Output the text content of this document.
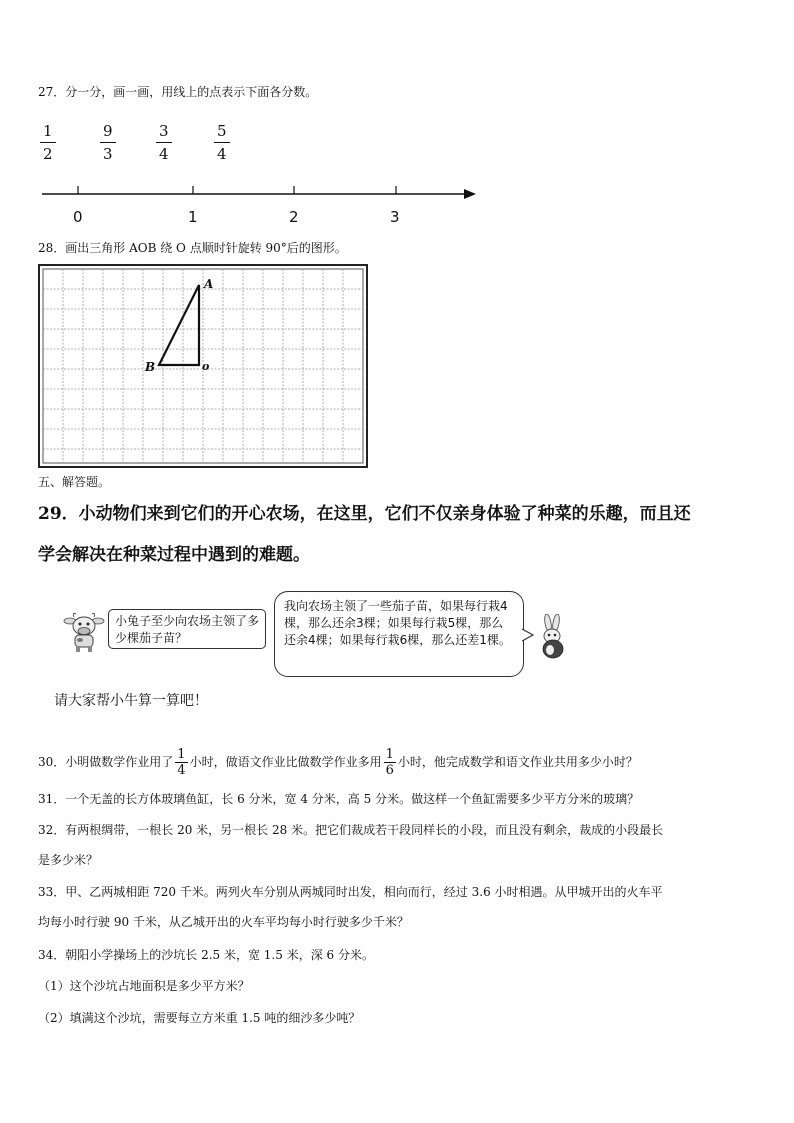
27．分一分，画一画，用线上的点表示下面各分数。
$\frac{1}{2}$	$\frac{9}{3}$	$\frac{3}{4}$	$\frac{5}{4}$
0	1	2	3
28．画出三角形 AOB 绕 O 点顺时针旋转 90°后的图形。
A
B	o
五、解答题。
29．小动物们来到它们的开心农场，在这里，它们不仅亲身体验了种菜的乐趣，而且还
学会解决在种菜过程中遇到的难题。
小兔子至少向农场主领了多少棵茄子苗？
我向农场主领了一些茄子苗，如果每行栽4棵，那么还余3棵；如果每行栽5棵，那么还余4棵；如果每行栽6棵，那么还差1棵。
请大家帮小牛算一算吧！
30．小明做数学作业用了 $\frac{1}{4}$ 小时，做语文作业比做数学作业多用 $\frac{1}{6}$ 小时，他完成数学和语文作业共用多少小时？
31．一个无盖的长方体玻璃鱼缸，长 6 分米，宽 4 分米，高 5 分米。做这样一个鱼缸需要多少平方分米的玻璃？
32．有两根绸带，一根长 20 米，另一根长 28 米。把它们裁成若干段同样长的小段，而且没有剩余，裁成的小段最长
是多少米？
33．甲、乙两城相距 720 千米。两列火车分别从两城同时出发，相向而行，经过 3.6 小时相遇。从甲城开出的火车平
均每小时行驶 90 千米，从乙城开出的火车平均每小时行驶多少千米？
34．朝阳小学操场上的沙坑长 2.5 米，宽 1.5 米，深 6 分米。
（1）这个沙坑占地面积是多少平方米？
（2）填满这个沙坑，需要每立方米重 1.5 吨的细沙多少吨？
